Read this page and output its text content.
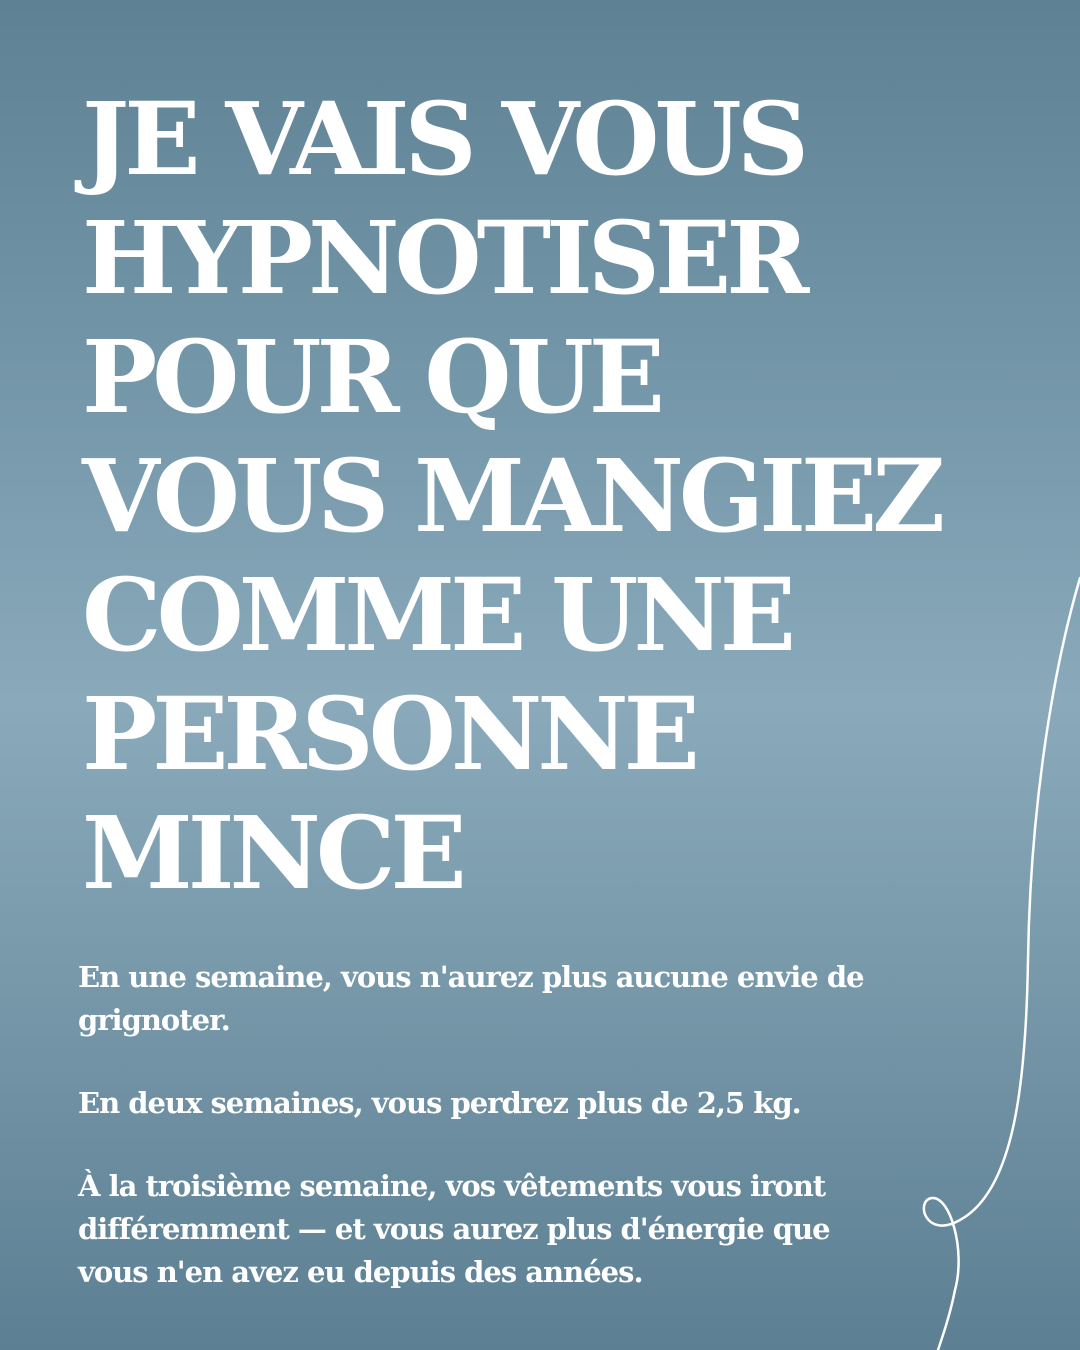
JE VAIS VOUS
HYPNOTISER
POUR QUE
VOUS MANGIEZ
COMME UNE
PERSONNE
MINCE

En une semaine, vous n'aurez plus aucune envie de grignoter.

En deux semaines, vous perdrez plus de 2,5 kg.

À la troisième semaine, vos vêtements vous iront différemment — et vous aurez plus d'énergie que vous n'en avez eu depuis des années.
